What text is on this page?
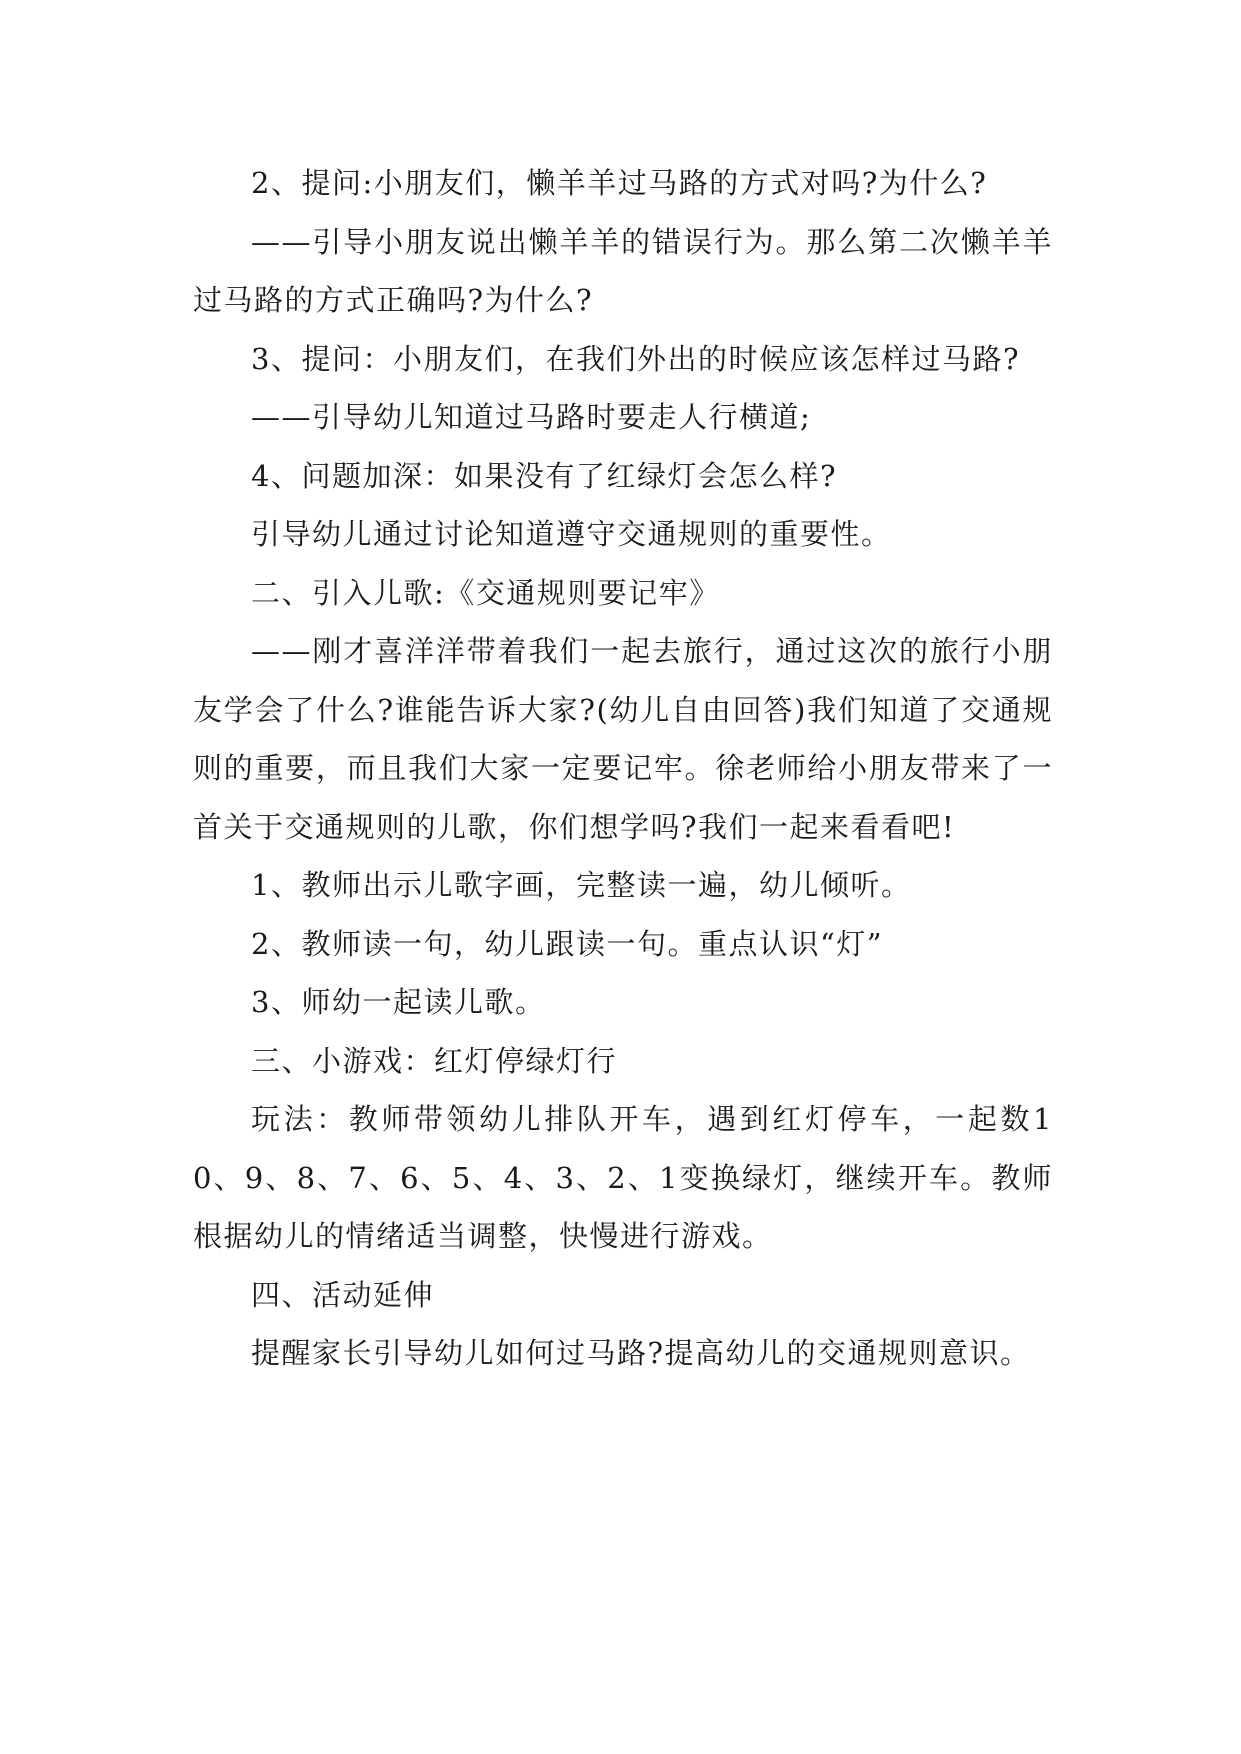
2、提问:小朋友们，懒羊羊过马路的方式对吗?为什么?

——引导小朋友说出懒羊羊的错误行为。那么第二次懒羊羊过马路的方式正确吗?为什么?

3、提问：小朋友们，在我们外出的时候应该怎样过马路?

——引导幼儿知道过马路时要走人行横道;

4、问题加深：如果没有了红绿灯会怎么样?

引导幼儿通过讨论知道遵守交通规则的重要性。

二、引入儿歌:《交通规则要记牢》

——刚才喜洋洋带着我们一起去旅行，通过这次的旅行小朋友学会了什么?谁能告诉大家?(幼儿自由回答)我们知道了交通规则的重要，而且我们大家一定要记牢。徐老师给小朋友带来了一首关于交通规则的儿歌，你们想学吗?我们一起来看看吧!

1、教师出示儿歌字画，完整读一遍，幼儿倾听。

2、教师读一句，幼儿跟读一句。重点认识“灯”

3、师幼一起读儿歌。

三、小游戏：红灯停绿灯行

玩法：教师带领幼儿排队开车，遇到红灯停车，一起数10、9、8、7、6、5、4、3、2、1变换绿灯，继续开车。教师根据幼儿的情绪适当调整，快慢进行游戏。

四、活动延伸

提醒家长引导幼儿如何过马路?提高幼儿的交通规则意识。
